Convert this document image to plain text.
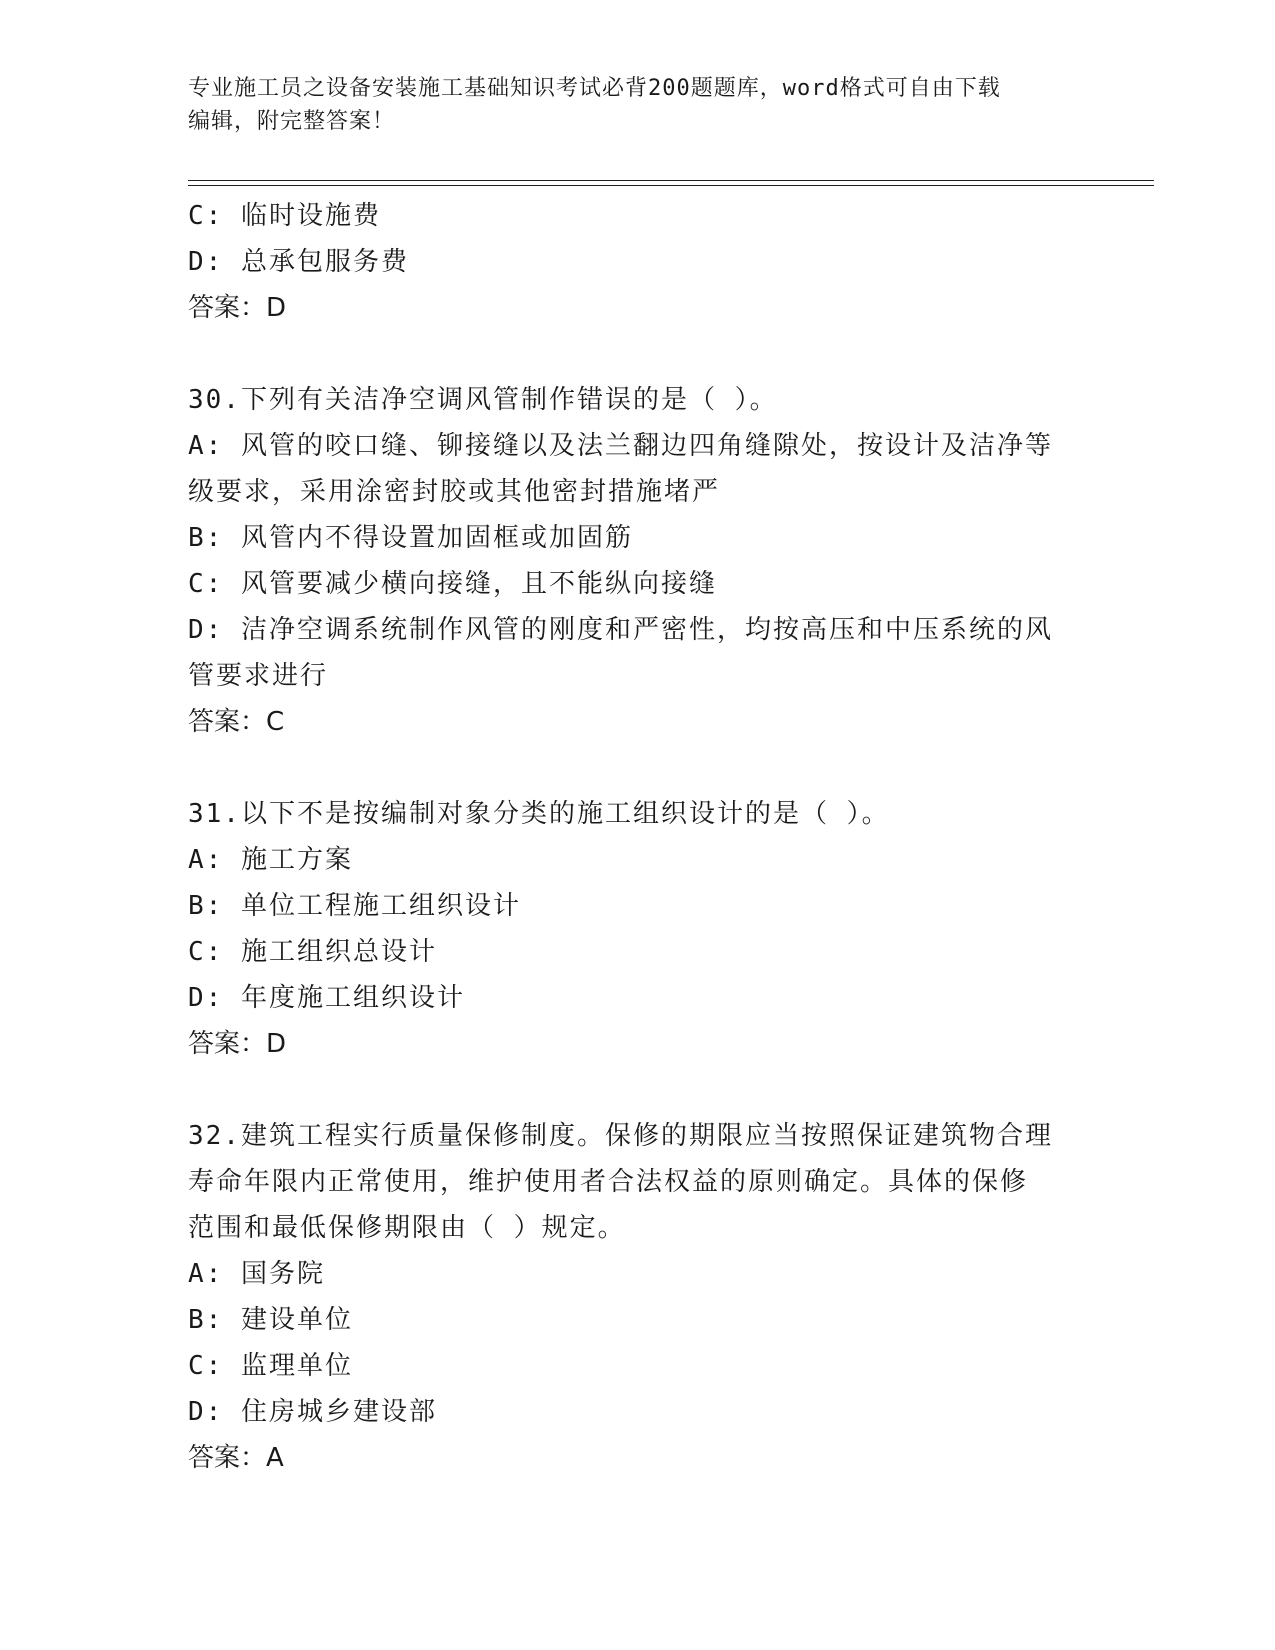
专业施工员之设备安装施工基础知识考试必背200题题库，word格式可自由下载
编辑，附完整答案！
C: 临时设施费
D: 总承包服务费
答案：D
30.下列有关洁净空调风管制作错误的是（ ）。
A: 风管的咬口缝、铆接缝以及法兰翻边四角缝隙处，按设计及洁净等
级要求，采用涂密封胶或其他密封措施堵严
B: 风管内不得设置加固框或加固筋
C: 风管要减少横向接缝，且不能纵向接缝
D: 洁净空调系统制作风管的刚度和严密性，均按高压和中压系统的风
管要求进行
答案：C
31.以下不是按编制对象分类的施工组织设计的是（ ）。
A: 施工方案
B: 单位工程施工组织设计
C: 施工组织总设计
D: 年度施工组织设计
答案：D
32.建筑工程实行质量保修制度。保修的期限应当按照保证建筑物合理
寿命年限内正常使用，维护使用者合法权益的原则确定。具体的保修
范围和最低保修期限由（ ）规定。
A: 国务院
B: 建设单位
C: 监理单位
D: 住房城乡建设部
答案：A
